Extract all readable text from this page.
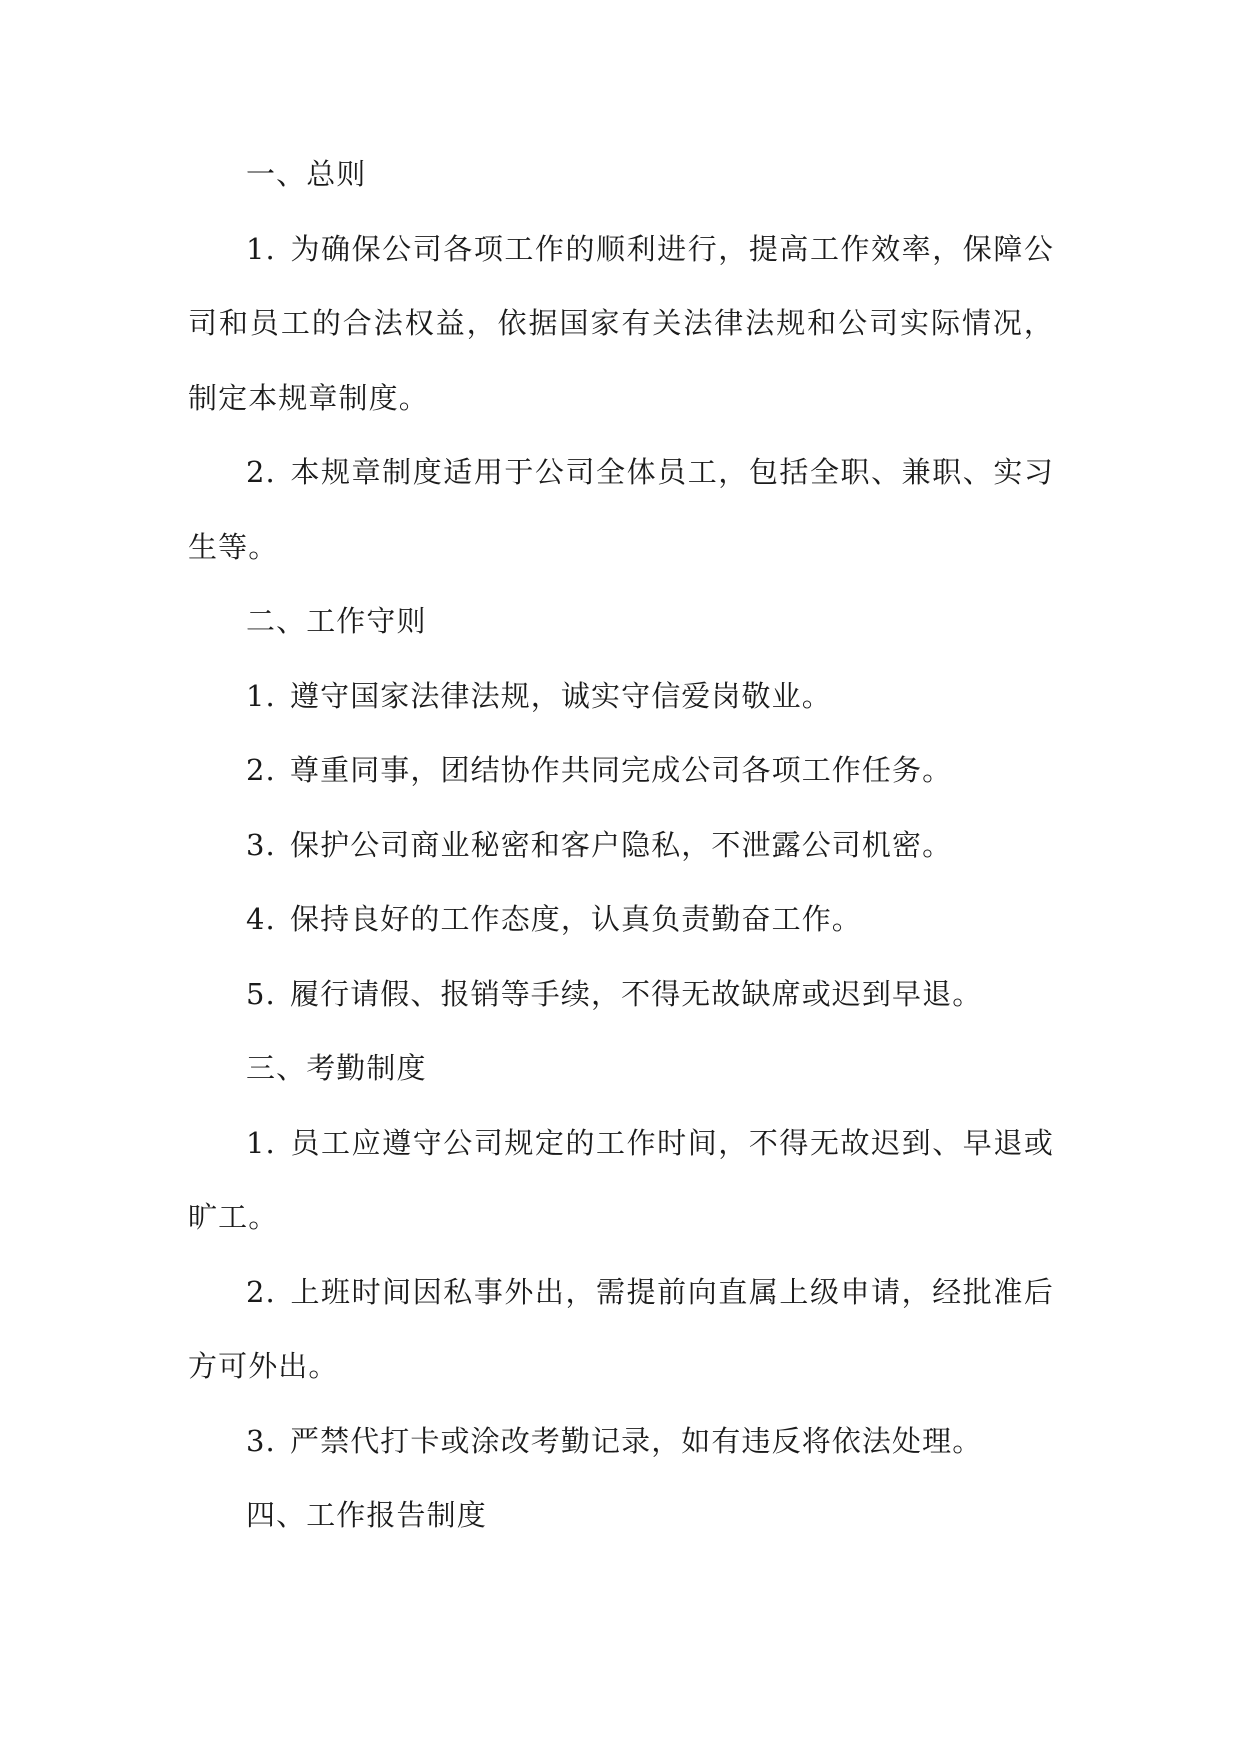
一、总则

1. 为确保公司各项工作的顺利进行，提高工作效率，保障公司和员工的合法权益，依据国家有关法律法规和公司实际情况，制定本规章制度。

2. 本规章制度适用于公司全体员工，包括全职、兼职、实习生等。

二、工作守则

1. 遵守国家法律法规，诚实守信爱岗敬业。

2. 尊重同事，团结协作共同完成公司各项工作任务。

3. 保护公司商业秘密和客户隐私，不泄露公司机密。

4. 保持良好的工作态度，认真负责勤奋工作。

5. 履行请假、报销等手续，不得无故缺席或迟到早退。

三、考勤制度

1. 员工应遵守公司规定的工作时间，不得无故迟到、早退或旷工。

2. 上班时间因私事外出，需提前向直属上级申请，经批准后方可外出。

3. 严禁代打卡或涂改考勤记录，如有违反将依法处理。

四、工作报告制度
